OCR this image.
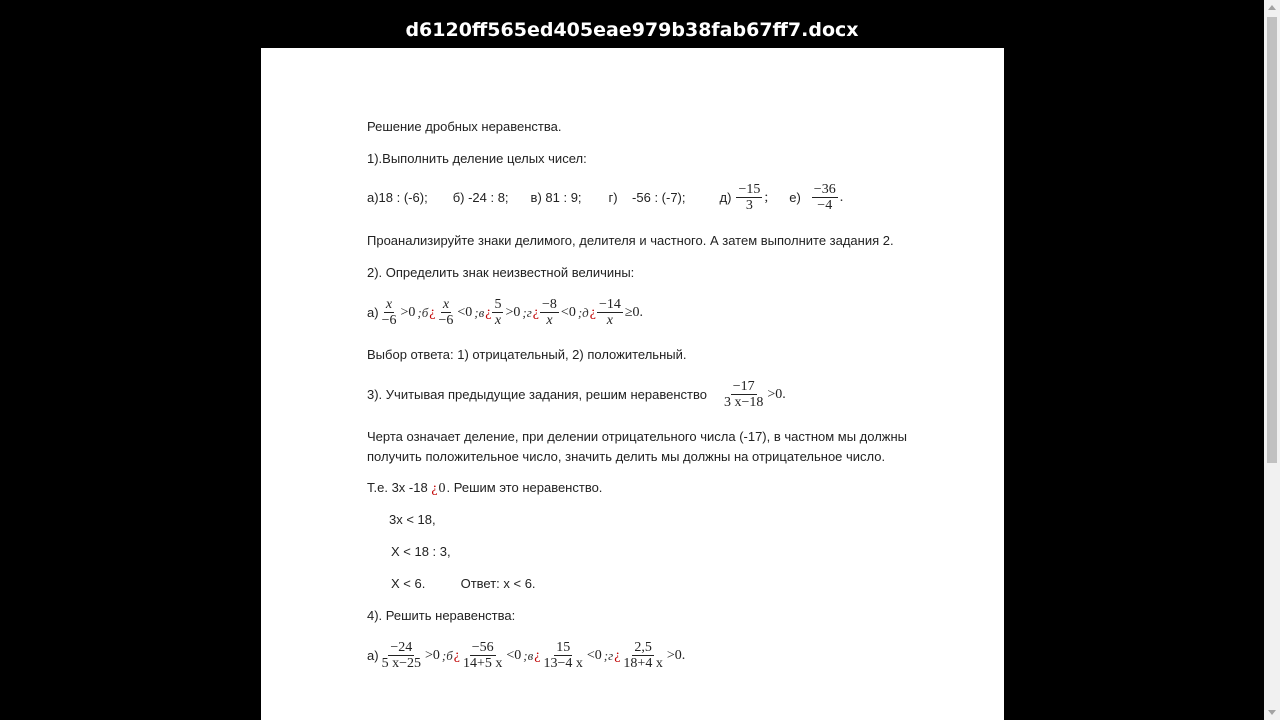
d6120ff565ed405eae979b38fab67ff7.docx
Решение дробных неравенства.
1).Выполнить деление целых чисел:
а)18 : (-6); б) -24 : 8; в) 81 : 9; г)    -56 : (-7);	$д) \frac{-15}{3}$ ; $е) \frac{-36}{-4}$ .
Проанализируйте знаки делимого, делителя и частного. А затем выполните задания 2.
2). Определить знак неизвестной величины:
$а) \frac{x}{-6} >0$ ;б ¿ $\frac{x}{-6} <0$ ;в ¿ $\frac{5}{x} >0$ ;г ¿ $\frac{-8}{x} <0$ ;д ¿ $\frac{-14}{x} \ge 0$.
Выбор ответа: 1) отрицательный, 2) положительный.
3). Учитывая предыдущие задания, решим неравенство $\frac{-17}{3 x-18} >0$.
Черта означает деление, при делении отрицательного числа (-17), в частном мы должны
получить положительное число, значить делить мы должны на отрицательное число.
Т.е. 3х -18 ¿0. Решим это неравенство.
3х < 18,
Х < 18 : 3,
Х < 6.	Ответ: х < 6.
4). Решить неравенства:
$а) \frac{-24}{5 x-25} >0$ ;б ¿ $\frac{-56}{14+5 x} <0$ ;в ¿ $\frac{15}{13-4 x} <0$ ;г ¿ $\frac{2,5}{18+4 x} >0$.
